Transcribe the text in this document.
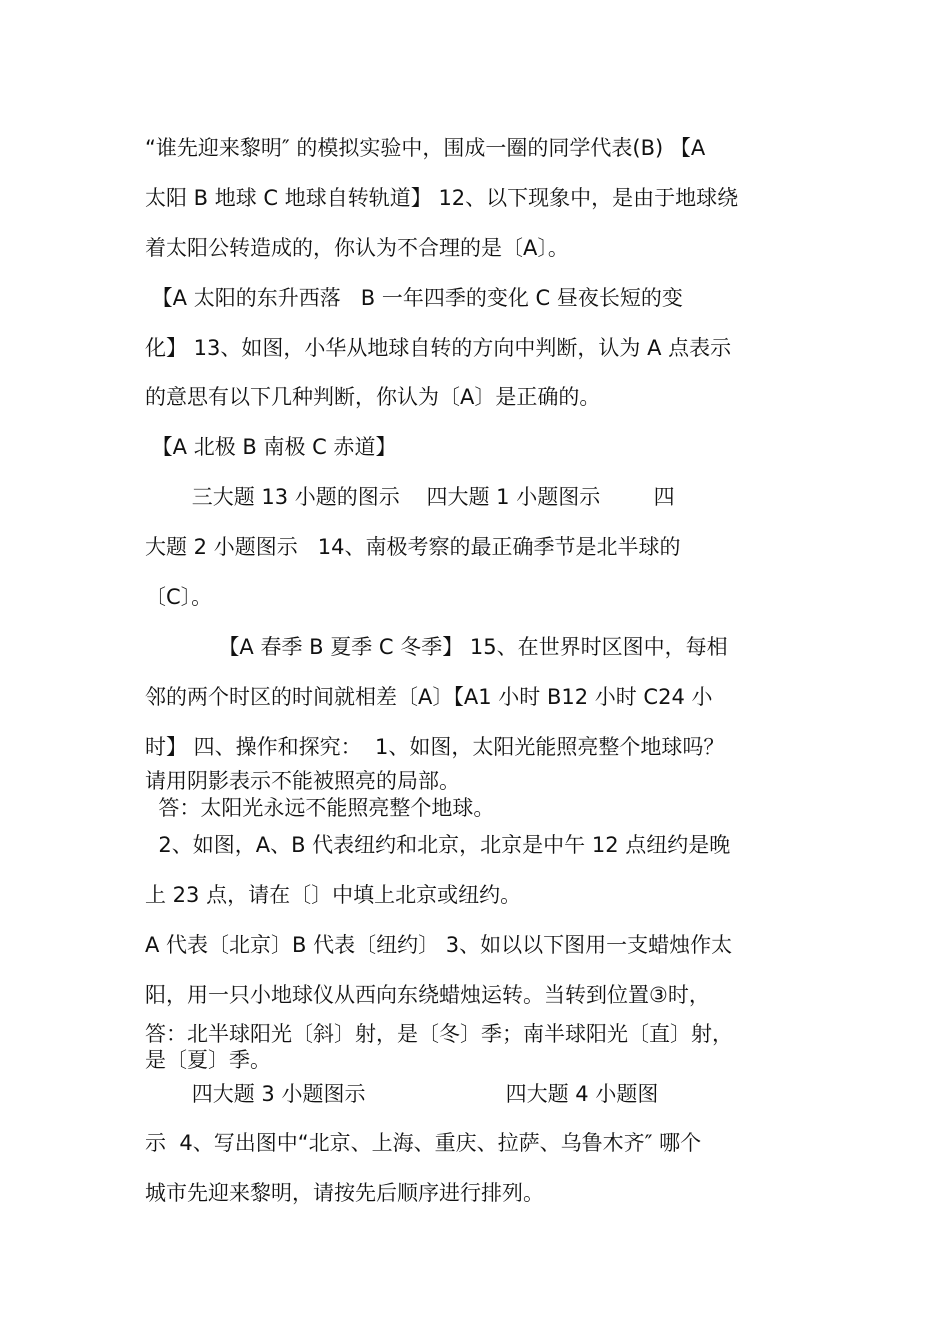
“谁先迎来黎明″ 的模拟实验中，围成一圈的同学代表(B) 【A
太阳 B 地球 C 地球自转轨道】 12、以下现象中，是由于地球绕
着太阳公转造成的，你认为不合理的是〔A〕。
【A 太阳的东升西落   B 一年四季的变化 C 昼夜长短的变
化】 13、如图，小华从地球自转的方向中判断，认为 A 点表示
的意思有以下几种判断，你认为〔A〕是正确的。
【A 北极 B 南极 C 赤道】
三大题 13 小题的图示    四大题 1 小题图示        四
大题 2 小题图示   14、南极考察的最正确季节是北半球的
〔C〕。
【A 春季 B 夏季 C 冬季】 15、在世界时区图中，每相
邻的两个时区的时间就相差〔A〕【A1 小时 B12 小时 C24 小
时】 四、操作和探究：  1、如图，太阳光能照亮整个地球吗？
请用阴影表示不能被照亮的局部。
答：太阳光永远不能照亮整个地球。
2、如图，A、B 代表纽约和北京，北京是中午 12 点纽约是晚
上 23 点，请在〔〕中填上北京或纽约。
A 代表〔北京〕B 代表〔纽约〕 3、如以以下图用一支蜡烛作太
阳，用一只小地球仪从西向东绕蜡烛运转。当转到位置③时，
答：北半球阳光〔斜〕射，是〔冬〕季；南半球阳光〔直〕射，
是〔夏〕季。
四大题 3 小题图示                     四大题 4 小题图
示  4、写出图中“北京、上海、重庆、拉萨、乌鲁木齐″ 哪个
城市先迎来黎明，请按先后顺序进行排列。
